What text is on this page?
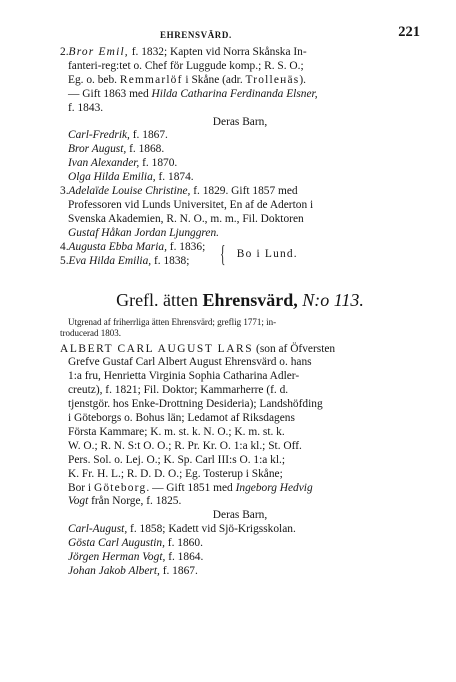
EHRENSVÄRD.	221

2.Bror Emil, f. 1832; Kapten vid Norra Skånska In-

fanteri-reg:tet o. Chef för Luggude komp.; R. S. O.;

Eg. o. beb. Remmarlöf i Skåne (adr. Trolleнäs).

— Gift 1863 med Hilda Catharina Ferdinanda Elsner,

f. 1843.

Deras Barn,

Carl-Fredrik, f. 1867.

Bror August, f. 1868.

Ivan Alexander, f. 1870.

Olga Hilda Emilia, f. 1874.

3.Adelaïde Louise Christine, f. 1829. Gift 1857 med

Professoren vid Lunds Universitet, En af de Aderton i

Svenska Akademien, R. N. O., m. m., Fil. Doktoren

Gustaf Håkan Jordan Ljunggren.

4.Augusta Ebba Maria, f. 1836;

5.Eva Hilda Emilia, f. 1838;	{ Bo i Lund.
Grefl. ätten Ehrensvärd, N:o 113.
Utgrenad af friherrliga ätten Ehrensvärd; greflig 1771; in-
troducerad 1803.

ALBERT CARL AUGUST LARS (son af Öfversten

Grefve Gustaf Carl Albert August Ehrensvärd o. hans

1:a fru, Henrietta Virginia Sophia Catharina Adler-

creutz), f. 1821; Fil. Doktor; Kammarherre (f. d.

tjenstgör. hos Enke-Drottning Desideria); Landshöfding

i Göteborgs o. Bohus län; Ledamot af Riksdagens

Första Kammare; K. m. st. k. N. O.; K. m. st. k.

W. O.; R. N. S:t O. O.; R. Pr. Kr. O. 1:a kl.; St. Off.

Pers. Sol. o. Lej. O.; K. Sp. Carl III:s O. 1:a kl.;

K. Fr. H. L.; R. D. D. O.; Eg. Tosterup i Skåne;

Bor i Göteborg. — Gift 1851 med Ingeborg Hedvig

Vogt från Norge, f. 1825.

Deras Barn,

Carl-August, f. 1858; Kadett vid Sjö-Krigsskolan.

Gösta Carl Augustin, f. 1860.

Jörgen Herman Vogt, f. 1864.

Johan Jakob Albert, f. 1867.
